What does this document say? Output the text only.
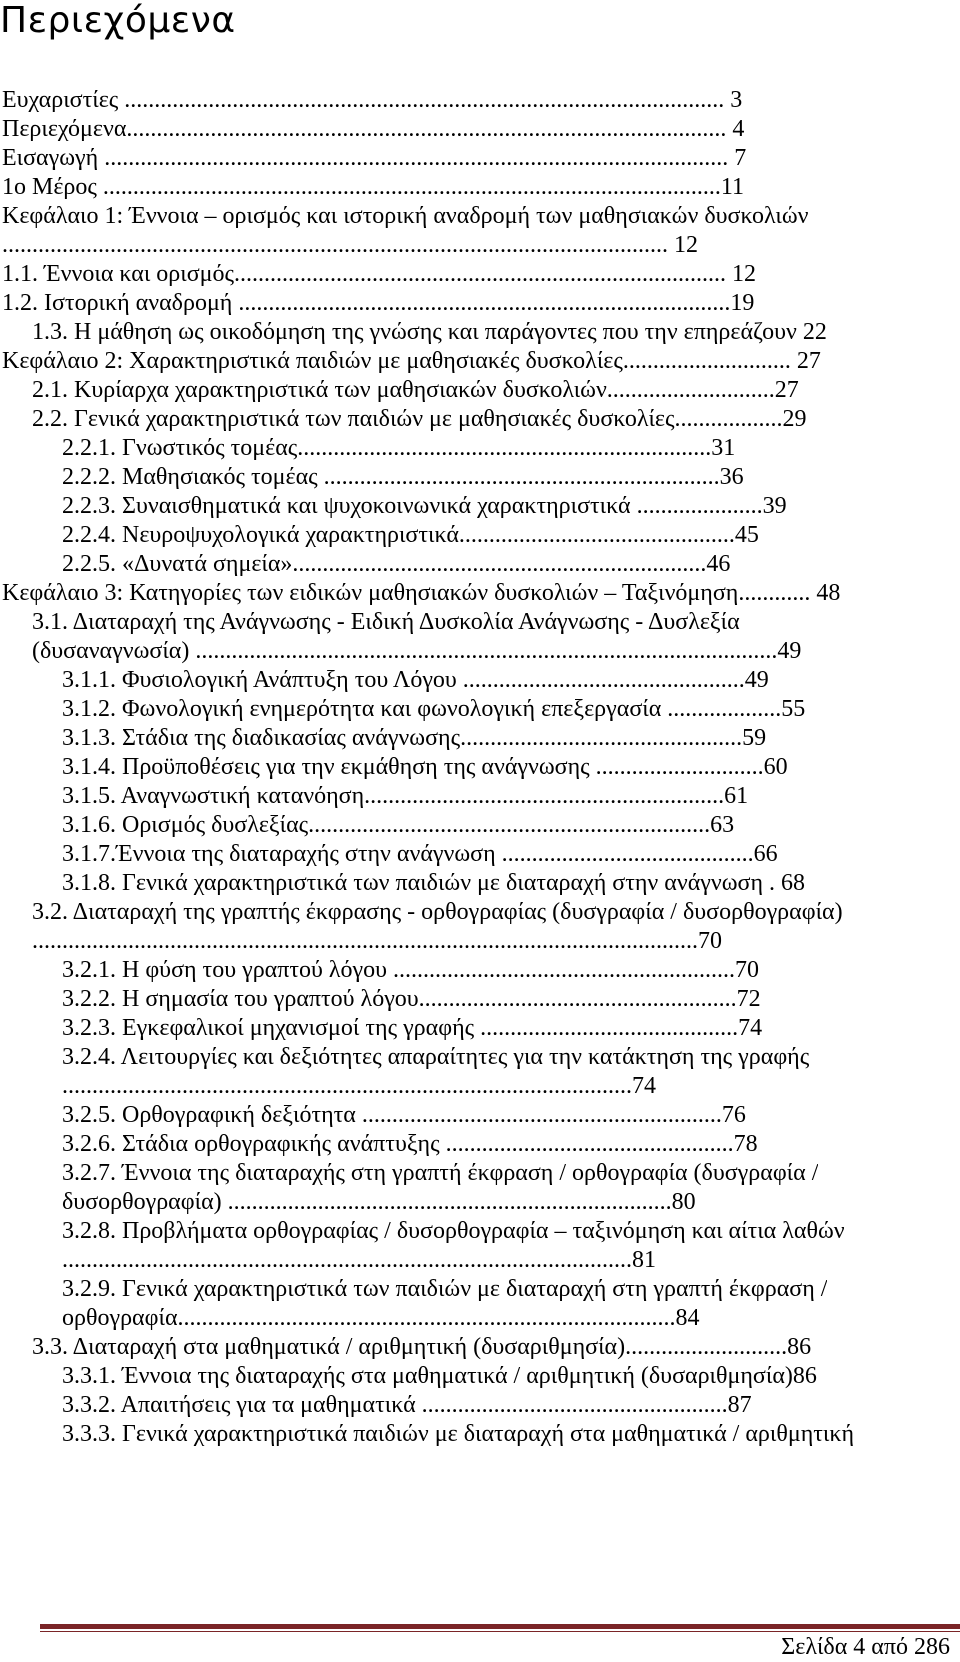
Περιεχόμενα
Ευχαριστίες .................................................................................................... 3
Περιεχόμενα.................................................................................................... 4
Εισαγωγή ........................................................................................................ 7
1o Μέρος .......................................................................................................11
Κεφάλαιο 1: Έννοια – ορισμός και ιστορική αναδρομή των μαθησιακών δυσκολιών
............................................................................................................... 12
1.1. Έννοια και ορισμός.................................................................................. 12
1.2. Ιστορική αναδρομή ..................................................................................19
1.3. Η μάθηση ως οικοδόμηση της γνώσης και παράγοντες που την επηρεάζουν 22
Κεφάλαιο 2: Χαρακτηριστικά παιδιών με μαθησιακές δυσκολίες............................ 27
2.1. Κυρίαρχα χαρακτηριστικά των μαθησιακών δυσκολιών............................27
2.2. Γενικά χαρακτηριστικά των παιδιών με μαθησιακές δυσκολίες..................29
2.2.1. Γνωστικός τομέας.....................................................................31
2.2.2. Μαθησιακός τομέας ..................................................................36
2.2.3. Συναισθηματικά και ψυχοκοινωνικά χαρακτηριστικά .....................39
2.2.4. Νευροψυχολογικά χαρακτηριστικά..............................................45
2.2.5. «Δυνατά σημεία».....................................................................46
Κεφάλαιο 3: Κατηγορίες των ειδικών μαθησιακών δυσκολιών – Ταξινόμηση............ 48
3.1. Διαταραχή της Ανάγνωσης - Ειδική Δυσκολία Ανάγνωσης - Δυσλεξία
(δυσαναγνωσία) .................................................................................................49
3.1.1. Φυσιολογική Ανάπτυξη του Λόγου ...............................................49
3.1.2. Φωνολογική ενημερότητα και φωνολογική επεξεργασία ...................55
3.1.3. Στάδια της διαδικασίας ανάγνωσης...............................................59
3.1.4. Προϋποθέσεις για την εκμάθηση της ανάγνωσης ............................60
3.1.5. Αναγνωστική κατανόηση............................................................61
3.1.6. Ορισμός δυσλεξίας...................................................................63
3.1.7.Έννοια της διαταραχής στην ανάγνωση ..........................................66
3.1.8. Γενικά χαρακτηριστικά των παιδιών με διαταραχή στην ανάγνωση . 68
3.2. Διαταραχή της γραπτής έκφρασης - ορθογραφίας (δυσγραφία / δυσορθογραφία)
...............................................................................................................70
3.2.1. Η φύση του γραπτού λόγου .........................................................70
3.2.2. Η σημασία του γραπτού λόγου.....................................................72
3.2.3. Εγκεφαλικοί μηχανισμοί της γραφής ...........................................74
3.2.4. Λειτουργίες και δεξιότητες απαραίτητες για την κατάκτηση της γραφής
...............................................................................................74
3.2.5. Ορθογραφική δεξιότητα ............................................................76
3.2.6. Στάδια ορθογραφικής ανάπτυξης ................................................78
3.2.7. Έννοια της διαταραχής στη γραπτή έκφραση / ορθογραφία (δυσγραφία /
δυσορθογραφία) ..........................................................................80
3.2.8. Προβλήματα ορθογραφίας / δυσορθογραφία – ταξινόμηση και αίτια λαθών
...............................................................................................81
3.2.9. Γενικά χαρακτηριστικά των παιδιών με διαταραχή στη γραπτή έκφραση /
ορθογραφία...................................................................................84
3.3. Διαταραχή στα μαθηματικά / αριθμητική (δυσαριθμησία)...........................86
3.3.1. Έννοια της διαταραχής στα μαθηματικά / αριθμητική (δυσαριθμησία)86
3.3.2. Απαιτήσεις για τα μαθηματικά ...................................................87
3.3.3. Γενικά χαρακτηριστικά παιδιών με διαταραχή στα μαθηματικά / αριθμητική
Σελίδα 4 από 286
